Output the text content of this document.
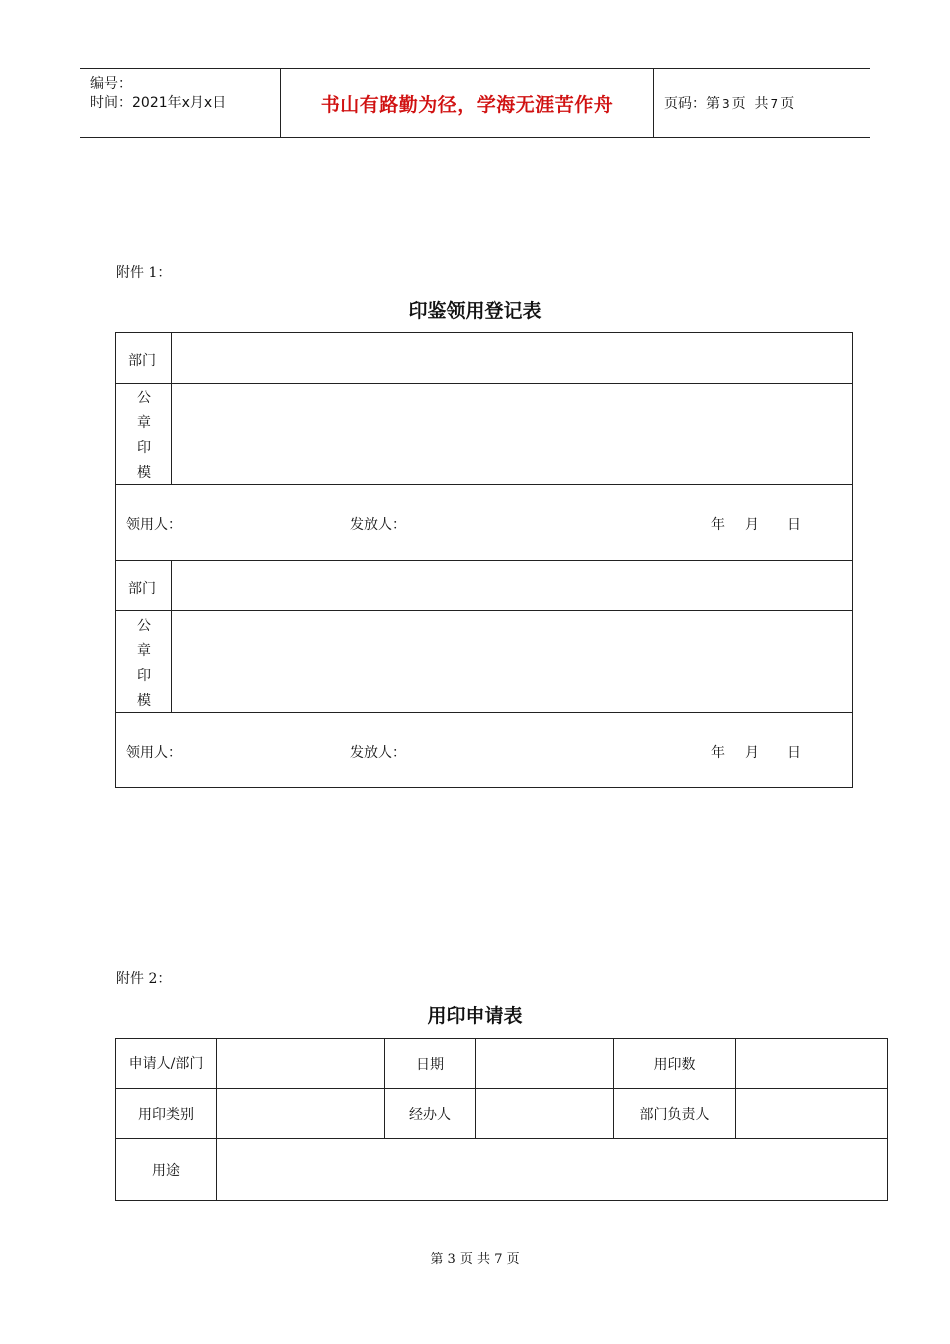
编号：
时间：2021年x月x日	书山有路勤为径，学海无涯苦作舟	页码：第 3 页  共 7 页
附件 1：
印鉴领用登记表
部门
公
章
印
模
领用人：	发放人：	年 月 日
部门
公
章
印
模
领用人：	发放人：	年 月 日
附件 2：
用印申请表
申请人/部门		日期		用印数	
用印类别		经办人		部门负责人	
用途					
第 3 页 共 7 页
